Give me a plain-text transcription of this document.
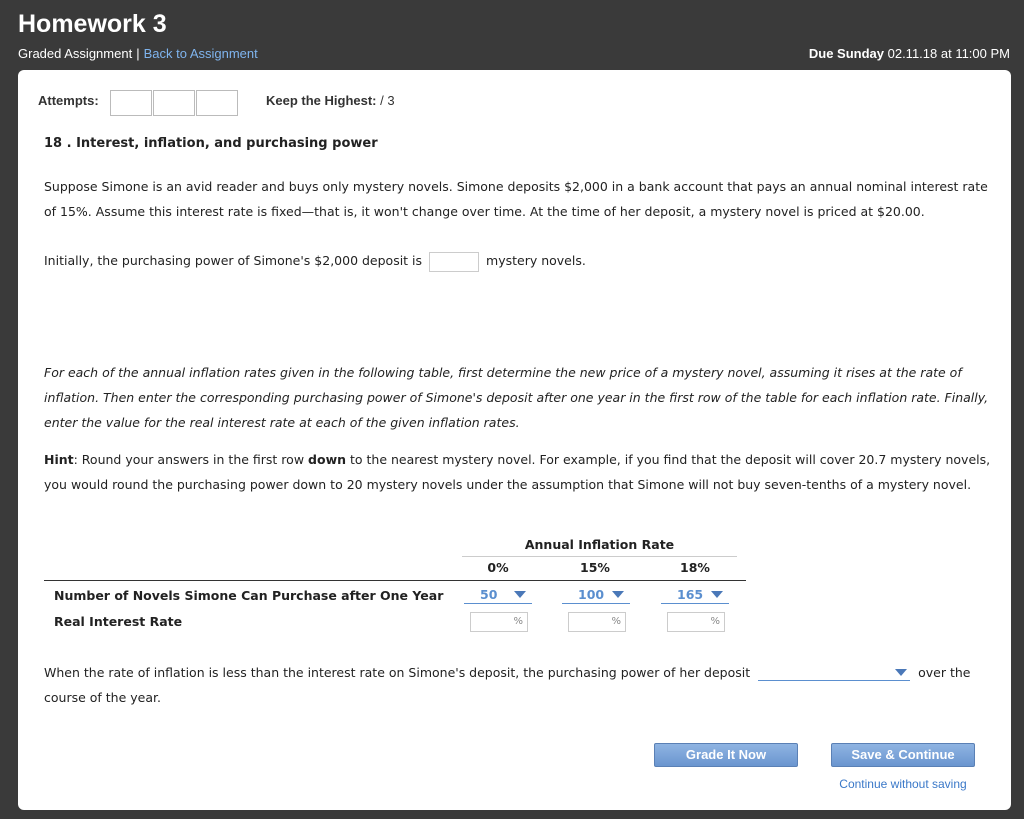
Homework 3
Graded Assignment | Back to Assignment	Due Sunday 02.11.18 at 11:00 PM
Attempts:	Keep the Highest: / 3
18 . Interest, inflation, and purchasing power
Suppose Simone is an avid reader and buys only mystery novels. Simone deposits $2,000 in a bank account that pays an annual nominal interest rate of 15%. Assume this interest rate is fixed—that is, it won't change over time. At the time of her deposit, a mystery novel is priced at $20.00.
Initially, the purchasing power of Simone's $2,000 deposit is	mystery novels.
For each of the annual inflation rates given in the following table, first determine the new price of a mystery novel, assuming it rises at the rate of inflation. Then enter the corresponding purchasing power of Simone's deposit after one year in the first row of the table for each inflation rate. Finally, enter the value for the real interest rate at each of the given inflation rates.
Hint: Round your answers in the first row down to the nearest mystery novel. For example, if you find that the deposit will cover 20.7 mystery novels, you would round the purchasing power down to 20 mystery novels under the assumption that Simone will not buy seven-tenths of a mystery novel.
Annual Inflation Rate
0%	15%	18%
Number of Novels Simone Can Purchase after One Year	50	100	165
Real Interest Rate	%	%	%
When the rate of inflation is less than the interest rate on Simone's deposit, the purchasing power of her deposit	over the course of the year.
Grade It Now	Save & Continue
Continue without saving
